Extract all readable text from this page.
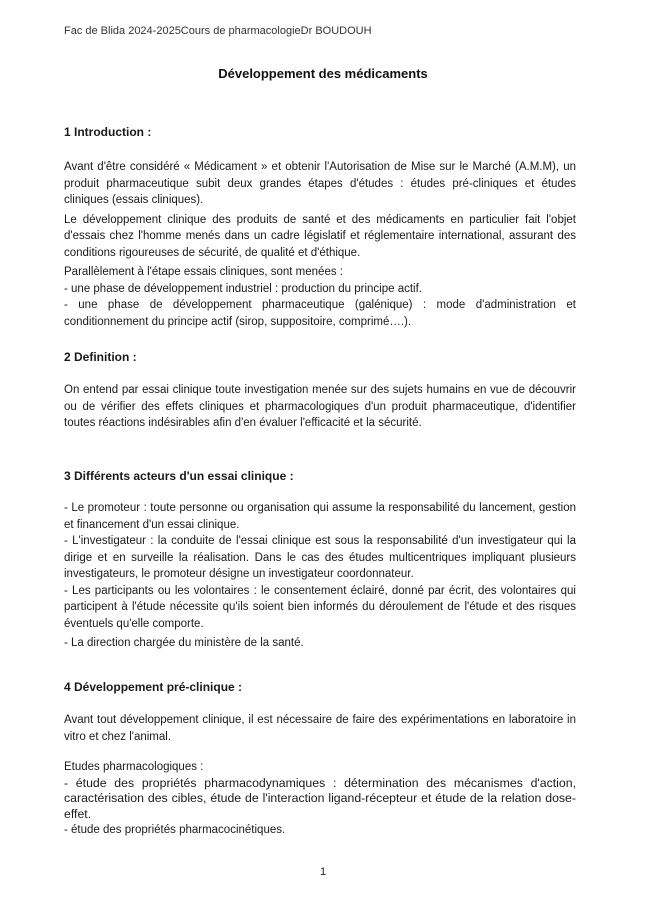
Fac de Blida 2024-2025Cours de pharmacologieDr BOUDOUH
Développement des médicaments
1 Introduction :
Avant d'être considéré « Médicament » et obtenir l'Autorisation de Mise sur le Marché (A.M.M), un produit pharmaceutique subit deux grandes étapes d'études : études pré-cliniques et études cliniques (essais cliniques).
Le développement clinique des produits de santé et des médicaments en particulier fait l'objet d'essais chez l'homme menés dans un cadre législatif et réglementaire international, assurant des conditions rigoureuses de sécurité, de qualité et d'éthique.
Parallèlement à l'étape essais cliniques, sont menées :
- une phase de développement industriel : production du principe actif.
- une phase de développement pharmaceutique (galénique) : mode d'administration et conditionnement du principe actif (sirop, suppositoire, comprimé….).
2 Definition :
On entend par essai clinique toute investigation menée sur des sujets humains en vue de découvrir ou de vérifier des effets cliniques et pharmacologiques d'un produit pharmaceutique, d'identifier toutes réactions indésirables afin d'en évaluer l'efficacité et la sécurité.
3 Différents acteurs d'un essai clinique :
- Le promoteur : toute personne ou organisation qui assume la responsabilité du lancement, gestion et financement d'un essai clinique.
- L'investigateur : la conduite de l'essai clinique est sous la responsabilité d'un investigateur qui la dirige et en surveille la réalisation. Dans le cas des études multicentriques impliquant plusieurs investigateurs, le promoteur désigne un investigateur coordonnateur.
- Les participants ou les volontaires : le consentement éclairé, donné par écrit, des volontaires qui participent à l'étude nécessite qu'ils soient bien informés du déroulement de l'étude et des risques éventuels qu'elle comporte.
- La direction chargée du ministère de la santé.
4 Développement pré-clinique :
Avant tout développement clinique, il est nécessaire de faire des expérimentations en laboratoire in vitro et chez l'animal.
Etudes pharmacologiques :
- étude des propriétés pharmacodynamiques : détermination des mécanismes d'action, caractérisation des cibles, étude de l'interaction ligand-récepteur et étude de la relation dose-effet.
- étude des propriétés pharmacocinétiques.
1
